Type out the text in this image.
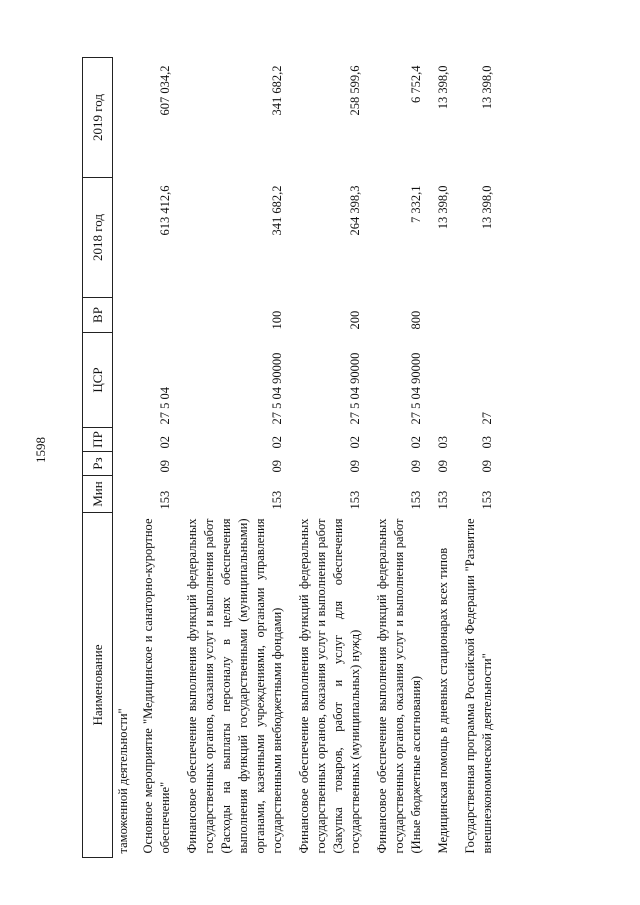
1598
Наименование	Мин	Рз	ПР	ЦСР	ВР	2018 год	2019 год
таможенной деятельности"							
Основное мероприятие "Медицинское и санаторно-курортное обеспечение"	153	09	02	27 5 04		613 412,6	607 034,2
Финансовое обеспечение выполнения функций федеральных государственных органов, оказания услуг и выполнения работ (Расходы на выплаты персоналу в целях обеспечения выполнения функций государственными (муниципальными) органами, казенными учреждениями, органами управления государственными внебюджетными фондами)	153	09	02	27 5 04 90000	100	341 682,2	341 682,2
Финансовое обеспечение выполнения функций федеральных государственных органов, оказания услуг и выполнения работ (Закупка товаров, работ и услуг для обеспечения государственных (муниципальных) нужд)	153	09	02	27 5 04 90000	200	264 398,3	258 599,6
Финансовое обеспечение выполнения функций федеральных государственных органов, оказания услуг и выполнения работ (Иные бюджетные ассигнования)	153	09	02	27 5 04 90000	800	7 332,1	6 752,4
Медицинская помощь в дневных стационарах всех типов	153	09	03			13 398,0	13 398,0
Государственная программа Российской Федерации "Развитие внешнеэкономической деятельности"	153	09	03	27		13 398,0	13 398,0
